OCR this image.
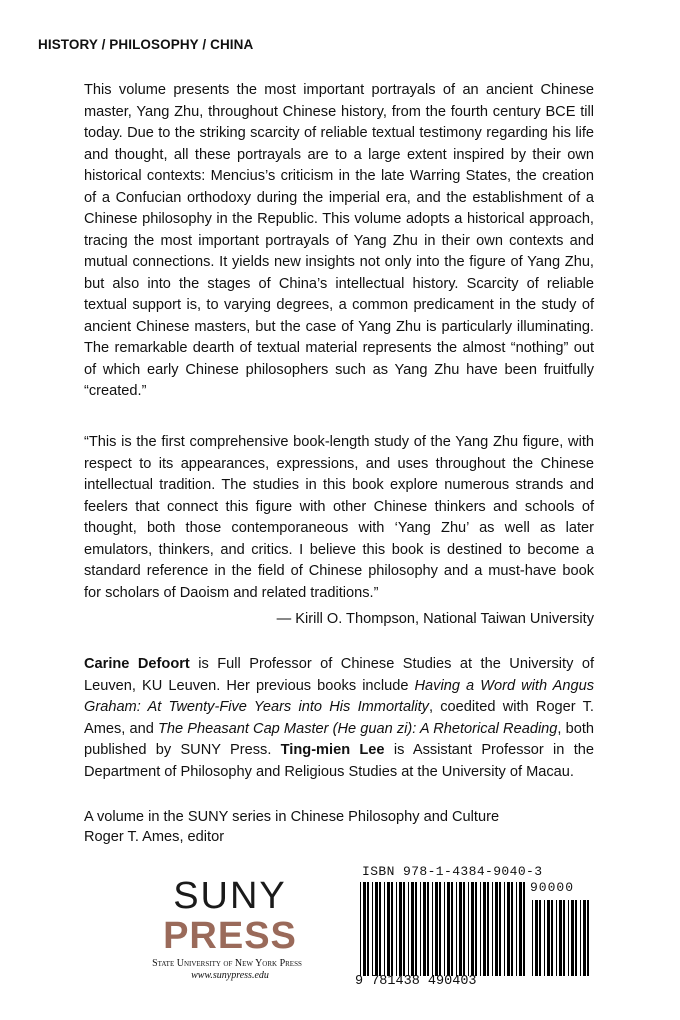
HISTORY / PHILOSOPHY / CHINA

This volume presents the most important portrayals of an ancient Chinese master, Yang Zhu, throughout Chinese history, from the fourth century BCE till today. Due to the striking scarcity of reliable textual testimony regarding his life and thought, all these portrayals are to a large extent inspired by their own historical contexts: Mencius’s criticism in the late Warring States, the creation of a Confucian orthodoxy during the imperial era, and the establishment of a Chinese philosophy in the Republic. This volume adopts a historical approach, tracing the most important portrayals of Yang Zhu in their own contexts and mutual connections. It yields new insights not only into the figure of Yang Zhu, but also into the stages of China’s intellectual history. Scarcity of reliable textual support is, to varying degrees, a common predicament in the study of ancient Chinese masters, but the case of Yang Zhu is particularly illuminating. The remarkable dearth of textual material represents the almost “nothing” out of which early Chinese philosophers such as Yang Zhu have been fruitfully “created.”

“This is the first comprehensive book-length study of the Yang Zhu figure, with respect to its appearances, expressions, and uses throughout the Chinese intellectual tradition. The studies in this book explore numerous strands and feelers that connect this figure with other Chinese thinkers and schools of thought, both those contemporaneous with ‘Yang Zhu’ as well as later emulators, thinkers, and critics. I believe this book is destined to become a standard reference in the field of Chinese philosophy and a must-have book for scholars of Daoism and related traditions.”

— Kirill O. Thompson, National Taiwan University

Carine Defoort is Full Professor of Chinese Studies at the University of Leuven, KU Leuven. Her previous books include Having a Word with Angus Graham: At Twenty-Five Years into His Immortality, coedited with Roger T. Ames, and The Pheasant Cap Master (He guan zi): A Rhetorical Reading, both published by SUNY Press. Ting-mien Lee is Assistant Professor in the Department of Philosophy and Religious Studies at the University of Macau.

A volume in the SUNY series in Chinese Philosophy and Culture
Roger T. Ames, editor
SUNY
PRESS
State University of New York Press
www.sunypress.edu
ISBN 978-1-4384-9040-3
90000
9 781438 490403
